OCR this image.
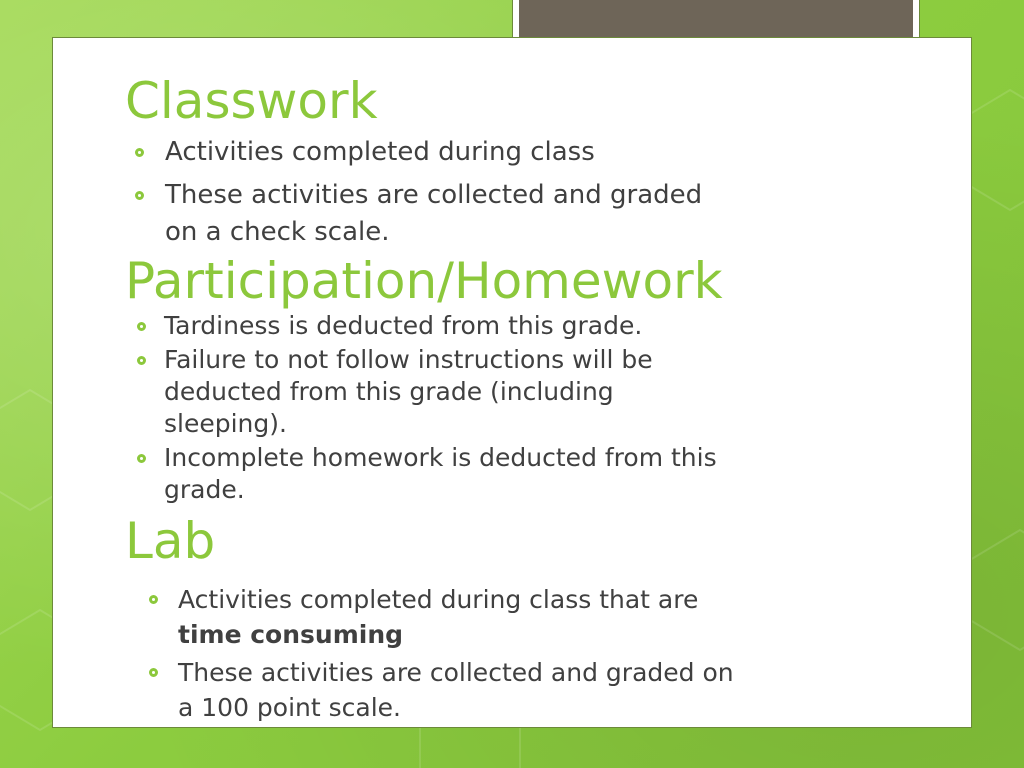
Classwork
Activities completed during class
These activities are collected and graded
on a check scale.
Participation/Homework
Tardiness is deducted from this grade.
Failure to not follow instructions will be
deducted from this grade (including
sleeping).
Incomplete homework is deducted from this
grade.
Lab
Activities completed during class that are
time consuming
These activities are collected and graded on
a 100 point scale.
